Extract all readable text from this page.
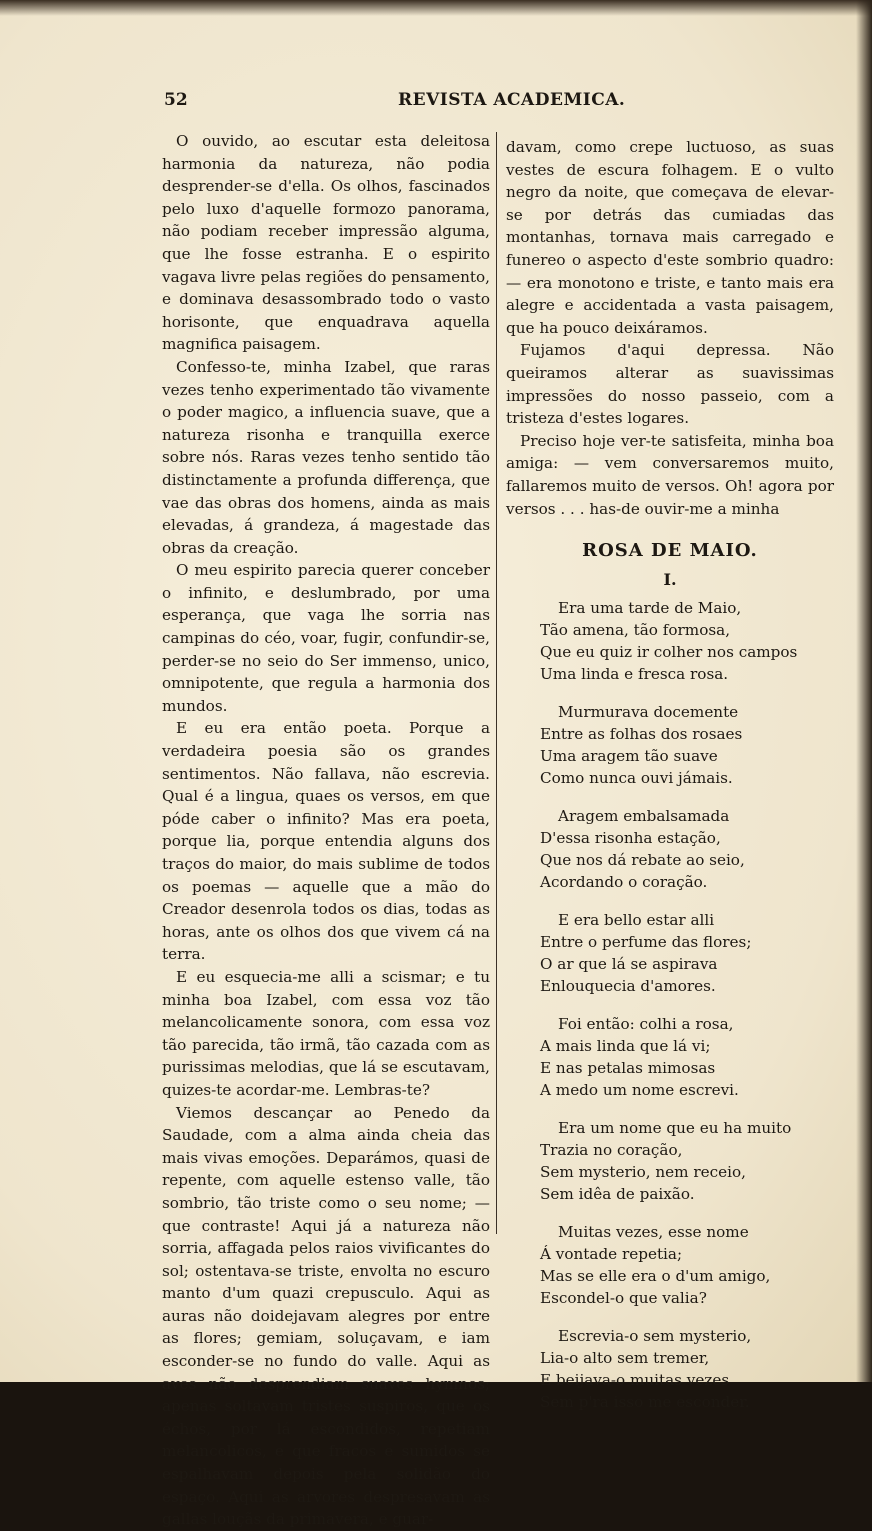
52	REVISTA ACADEMICA.

O ouvido, ao escutar esta deleitosa harmonia da natureza, não podia desprender-se d'ella. Os olhos, fascinados pelo luxo d'aquelle formozo panorama, não podiam receber impressão alguma, que lhe fosse estranha. E o espirito vagava livre pelas regiões do pensamento, e dominava desassombrado todo o vasto horisonte, que enquadrava aquella magnifica paisagem.

Confesso-te, minha Izabel, que raras vezes tenho experimentado tão vivamente o poder magico, a influencia suave, que a natureza risonha e tranquilla exerce sobre nós. Raras vezes tenho sentido tão distinctamente a profunda differença, que vae das obras dos homens, ainda as mais elevadas, á grandeza, á magestade das obras da creação.

O meu espirito parecia querer conceber o infinito, e deslumbrado, por uma esperança, que vaga lhe sorria nas campinas do céo, voar, fugir, confundir-se, perder-se no seio do Ser immenso, unico, omnipotente, que regula a harmonia dos mundos.

E eu era então poeta. Porque a verdadeira poesia são os grandes sentimentos. Não fallava, não escrevia. Qual é a lingua, quaes os versos, em que póde caber o infinito? Mas era poeta, porque lia, porque entendia alguns dos traços do maior, do mais sublime de todos os poemas — aquelle que a mão do Creador desenrola todos os dias, todas as horas, ante os olhos dos que vivem cá na terra.

E eu esquecia-me alli a scismar; e tu minha boa Izabel, com essa voz tão melancolicamente sonora, com essa voz tão parecida, tão irmã, tão cazada com as purissimas melodias, que lá se escutavam, quizes-te acordar-me. Lembras-te?

Viemos descançar ao Penedo da Saudade, com a alma ainda cheia das mais vivas emoções. Deparámos, quasi de repente, com aquelle estenso valle, tão sombrio, tão triste como o seu nome; — que contraste! Aqui já a natureza não sorria, affagada pelos raios vivificantes do sol; ostentava-se triste, envolta no escuro manto d'um quazi crepusculo. Aqui as auras não doidejavam alegres por entre as flores; gemiam, soluçavam, e iam esconder-se no fundo do valle. Aqui as aves não desprendiam suaves hymnos; apenas soltavam tristes suspiros, que os échos, por lá escondidos, repetiam melancolicos, e que fracos e sumidos se espalhavam depois pela solidão do espaço. Aqui as arvores despresavam as gallas louçãs da primavera, e guar-

davam, como crepe luctuoso, as suas vestes de escura folhagem. E o vulto negro da noite, que começava de elevar-se por detrás das cumiadas das montanhas, tornava mais carregado e funereo o aspecto d'este sombrio quadro: — era monotono e triste, e tanto mais era alegre e accidentada a vasta paisagem, que ha pouco deixáramos.

Fujamos d'aqui depressa. Não queiramos alterar as suavissimas impressões do nosso passeio, com a tristeza d'estes logares.

Preciso hoje ver-te satisfeita, minha boa amiga: — vem conversaremos muito, fallaremos muito de versos. Oh! agora por versos . . . has-de ouvir-me a minha

ROSA DE MAIO.
I.
Era uma tarde de Maio,
Tão amena, tão formosa,
Que eu quiz ir colher nos campos
Uma linda e fresca rosa.
Murmurava docemente
Entre as folhas dos rosaes
Uma aragem tão suave
Como nunca ouvi jámais.
Aragem embalsamada
D'essa risonha estação,
Que nos dá rebate ao seio,
Acordando o coração.
E era bello estar alli
Entre o perfume das flores;
O ar que lá se aspirava
Enlouquecia d'amores.
Foi então: colhi a rosa,
A mais linda que lá vi;
E nas petalas mimosas
A medo um nome escrevi.
Era um nome que eu ha muito
Trazia no coração,
Sem mysterio, nem receio,
Sem idêa de paixão.
Muitas vezes, esse nome
Á vontade repetia;
Mas se elle era o d'um amigo,
Escondel-o que valia?
Escrevia-o sem mysterio,
Lia-o alto sem tremer,
E beijava-o muitas vezes
Sem p'ra isso me esconder.
